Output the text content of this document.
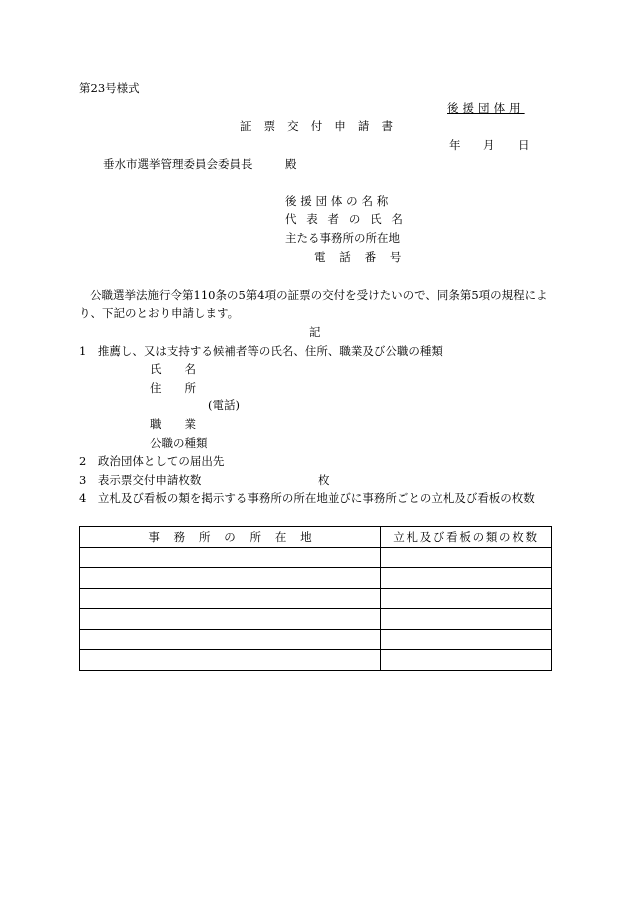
第23号様式
後援団体用
証票交付申請書
年 月 日
垂水市選挙管理委員会委員長	殿
後援団体の名称
代表者の氏名
主たる事務所の所在地
電話番号
公職選挙法施行令第110条の5第4項の証票の交付を受けたいので、同条第5項の規程によ
り、下記のとおり申請します。
記
1　推薦し、又は支持する候補者等の氏名、住所、職業及び公職の種類
氏　　名
住　　所
(電話)
職　　業
公職の種類
2　政治団体としての届出先
3　表示票交付申請枚数	枚
4　立札及び看板の類を掲示する事務所の所在地並びに事務所ごとの立札及び看板の枚数
事務所の所在地	立札及び看板の類の枚数
